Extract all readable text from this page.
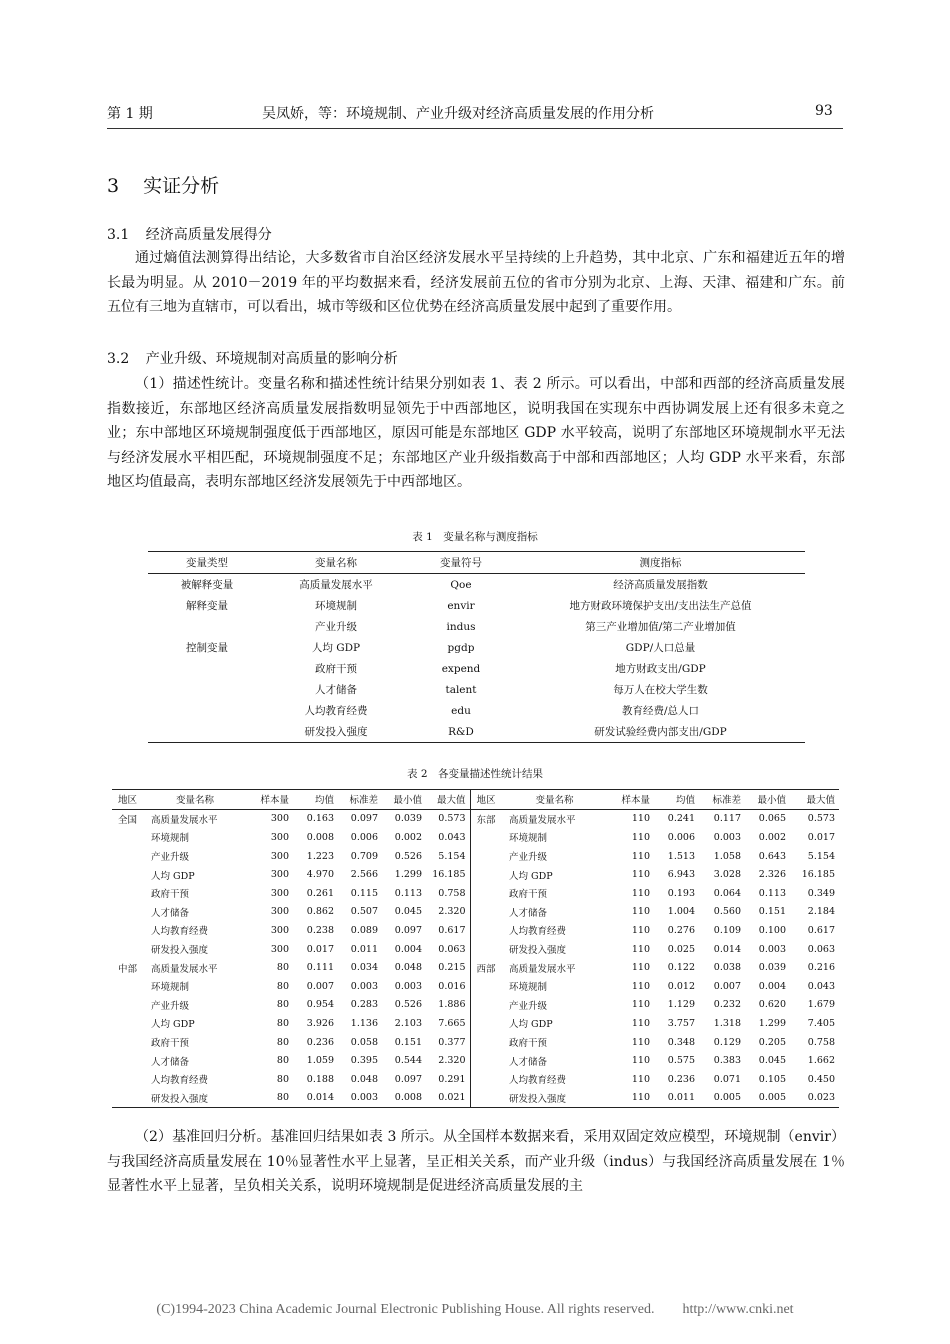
第 1 期	吴凤娇，等：环境规制、产业升级对经济高质量发展的作用分析	93
3 实证分析
3.1 经济高质量发展得分

通过熵值法测算得出结论，大多数省市自治区经济发展水平呈持续的上升趋势，其中北京、广东和福建近五年的增长最为明显。从 2010－2019 年的平均数据来看，经济发展前五位的省市分别为北京、上海、天津、福建和广东。前五位有三地为直辖市，可以看出，城市等级和区位优势在经济高质量发展中起到了重要作用。

3.2 产业升级、环境规制对高质量的影响分析

（1）描述性统计。变量名称和描述性统计结果分别如表 1、表 2 所示。可以看出，中部和西部的经济高质量发展指数接近，东部地区经济高质量发展指数明显领先于中西部地区，说明我国在实现东中西协调发展上还有很多未竟之业；东中部地区环境规制强度低于西部地区，原因可能是东部地区 GDP 水平较高，说明了东部地区环境规制水平无法与经济发展水平相匹配，环境规制强度不足；东部地区产业升级指数高于中部和西部地区；人均 GDP 水平来看，东部地区均值最高，表明东部地区经济发展领先于中西部地区。

表 1　变量名称与测度指标
变量类型	变量名称	变量符号	测度指标
被解释变量	高质量发展水平	Qoe	经济高质量发展指数
解释变量	环境规制	envir	地方财政环境保护支出/支出法生产总值
	产业升级	indus	第三产业增加值/第二产业增加值
控制变量	人均 GDP	pgdp	GDP/人口总量
	政府干预	expend	地方财政支出/GDP
	人才储备	talent	每万人在校大学生数
	人均教育经费	edu	教育经费/总人口
	研发投入强度	R&D	研发试验经费内部支出/GDP
表 2　各变量描述性统计结果
地区	变量名称	样本量	均值	标准差	最小值	最大值	地区	变量名称	样本量	均值	标准差	最小值	最大值
全国	高质量发展水平	300	0.163	0.097	0.039	0.573	东部	高质量发展水平	110	0.241	0.117	0.065	0.573
	环境规制	300	0.008	0.006	0.002	0.043		环境规制	110	0.006	0.003	0.002	0.017
	产业升级	300	1.223	0.709	0.526	5.154		产业升级	110	1.513	1.058	0.643	5.154
	人均 GDP	300	4.970	2.566	1.299	16.185		人均 GDP	110	6.943	3.028	2.326	16.185
	政府干预	300	0.261	0.115	0.113	0.758		政府干预	110	0.193	0.064	0.113	0.349
	人才储备	300	0.862	0.507	0.045	2.320		人才储备	110	1.004	0.560	0.151	2.184
	人均教育经费	300	0.238	0.089	0.097	0.617		人均教育经费	110	0.276	0.109	0.100	0.617
	研发投入强度	300	0.017	0.011	0.004	0.063		研发投入强度	110	0.025	0.014	0.003	0.063
中部	高质量发展水平	80	0.111	0.034	0.048	0.215	西部	高质量发展水平	110	0.122	0.038	0.039	0.216
	环境规制	80	0.007	0.003	0.003	0.016		环境规制	110	0.012	0.007	0.004	0.043
	产业升级	80	0.954	0.283	0.526	1.886		产业升级	110	1.129	0.232	0.620	1.679
	人均 GDP	80	3.926	1.136	2.103	7.665		人均 GDP	110	3.757	1.318	1.299	7.405
	政府干预	80	0.236	0.058	0.151	0.377		政府干预	110	0.348	0.129	0.205	0.758
	人才储备	80	1.059	0.395	0.544	2.320		人才储备	110	0.575	0.383	0.045	1.662
	人均教育经费	80	0.188	0.048	0.097	0.291		人均教育经费	110	0.236	0.071	0.105	0.450
	研发投入强度	80	0.014	0.003	0.008	0.021		研发投入强度	110	0.011	0.005	0.005	0.023

（2）基准回归分析。基准回归结果如表 3 所示。从全国样本数据来看，采用双固定效应模型，环境规制（envir）与我国经济高质量发展在 10％显著性水平上显著，呈正相关关系，而产业升级（indus）与我国经济高质量发展在 1％显著性水平上显著，呈负相关关系，说明环境规制是促进经济高质量发展的主

(C)1994-2023 China Academic Journal Electronic Publishing House. All rights reserved.　　http://www.cnki.net
